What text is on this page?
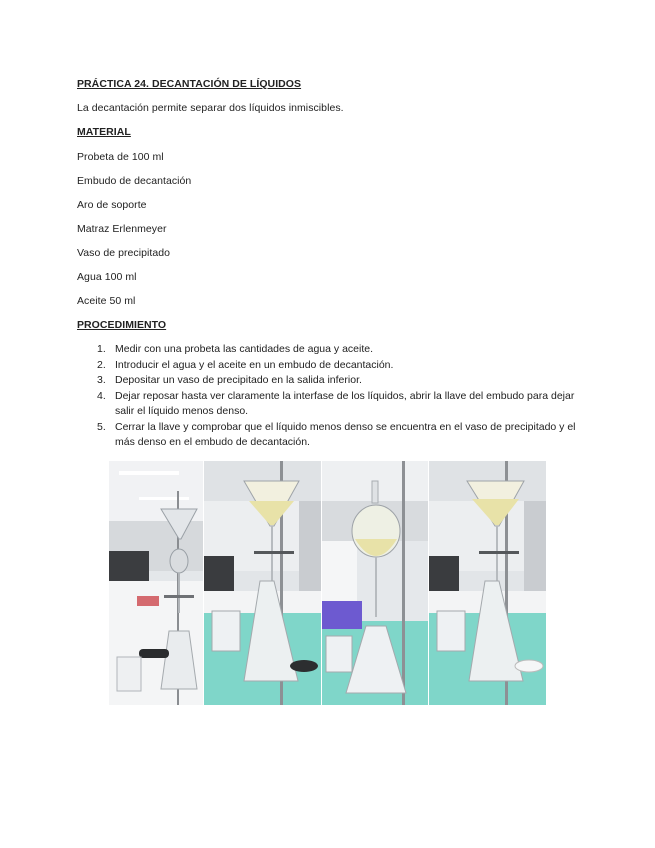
PRÁCTICA 24. DECANTACIÓN DE LÍQUIDOS
La decantación permite separar dos líquidos inmiscibles.
MATERIAL
Probeta de 100 ml
Embudo de decantación
Aro de soporte
Matraz Erlenmeyer
Vaso de precipitado
Agua 100 ml
Aceite 50 ml
PROCEDIMIENTO
1. Medir con una probeta las cantidades de agua y aceite.
2. Introducir el agua y el aceite en un embudo de decantación.
3. Depositar un vaso de precipitado en la salida inferior.
4. Dejar reposar hasta ver claramente la interfase de los líquidos, abrir la llave del embudo para dejar salir el líquido menos denso.
5. Cerrar la llave y comprobar que el líquido menos denso se encuentra en el vaso de precipitado y el más denso en el embudo de decantación.
